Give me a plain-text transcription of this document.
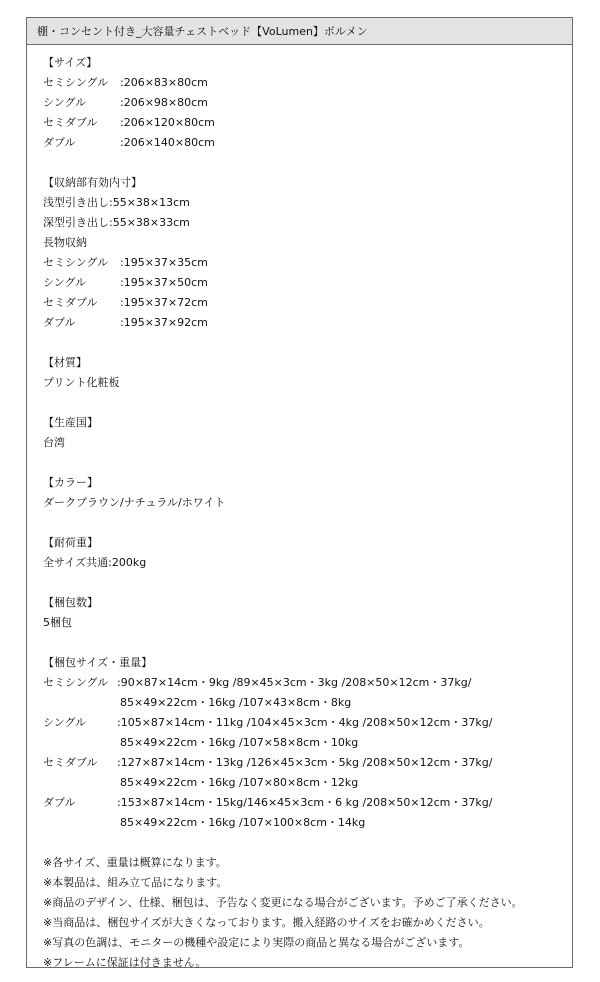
棚・コンセント付き_大容量チェストベッド【VoLumen】ボルメン
【サイズ】
セミシングル	:206×83×80cm
シングル	:206×98×80cm
セミダブル	:206×120×80cm
ダブル	:206×140×80cm
【収納部有効内寸】
浅型引き出し:55×38×13cm
深型引き出し:55×38×33cm
長物収納
セミシングル	:195×37×35cm
シングル	:195×37×50cm
セミダブル	:195×37×72cm
ダブル	:195×37×92cm
【材質】
プリント化粧板
【生産国】
台湾
【カラー】
ダークブラウン/ナチュラル/ホワイト
【耐荷重】
全サイズ共通:200kg
【梱包数】
5梱包
【梱包サイズ・重量】
セミシングル :90×87×14cm・9kg /89×45×3cm・3kg /208×50×12cm・37kg/
85×49×22cm・16kg /107×43×8cm・8kg
シングル	:105×87×14cm・11kg /104×45×3cm・4kg /208×50×12cm・37kg/
85×49×22cm・16kg /107×58×8cm・10kg
セミダブル	:127×87×14cm・13kg /126×45×3cm・5kg /208×50×12cm・37kg/
85×49×22cm・16kg /107×80×8cm・12kg
ダブル	:153×87×14cm・15kg/146×45×3cm・6 kg /208×50×12cm・37kg/
85×49×22cm・16kg /107×100×8cm・14kg
※各サイズ、重量は概算になります。
※本製品は、組み立て品になります。
※商品のデザイン、仕様、梱包は、予告なく変更になる場合がございます。予めご了承ください。
※当商品は、梱包サイズが大きくなっております。搬入経路のサイズをお確かめください。
※写真の色調は、モニターの機種や設定により実際の商品と異なる場合がございます。
※フレームに保証は付きません。
